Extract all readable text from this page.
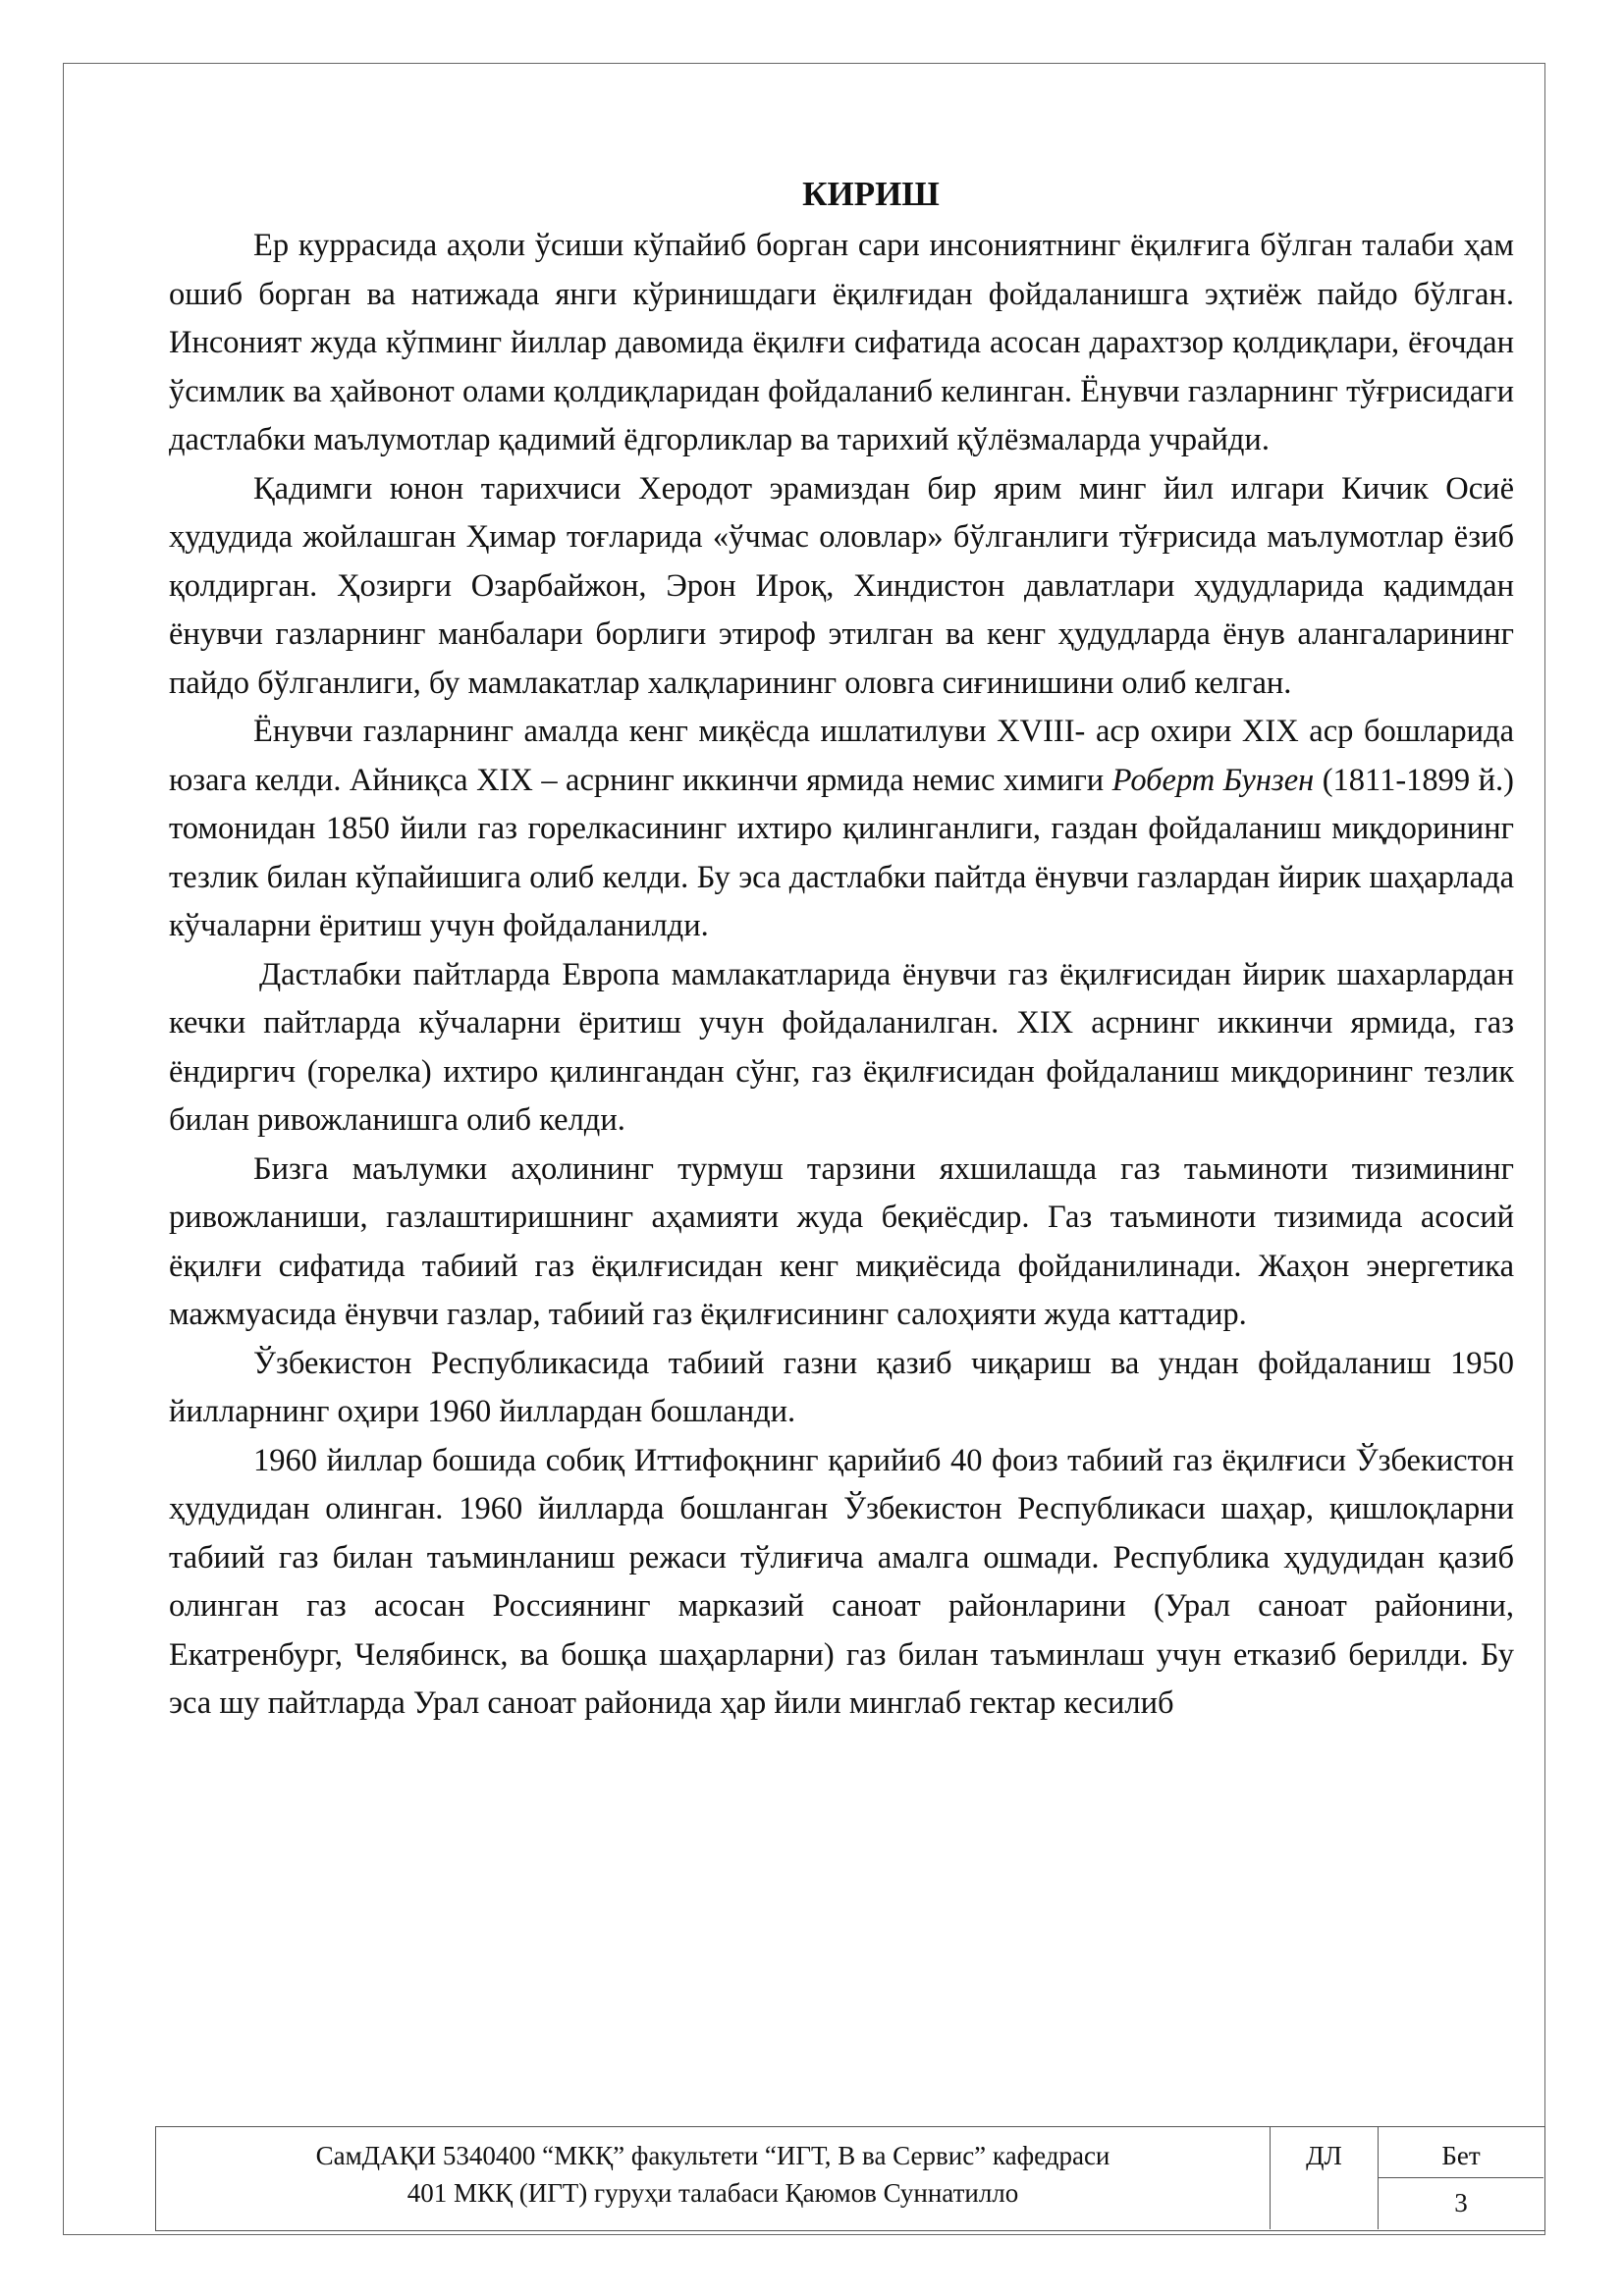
КИРИШ

Ер куррасида аҳоли ўсиши кўпайиб борган сари инсониятнинг ёқилғига бўлган талаби ҳам ошиб борган ва натижада янги кўринишдаги ёқилғидан фойдаланишга эҳтиёж пайдо бўлган. Инсоният жуда кўпминг йиллар давомида ёқилғи сифатида асосан дарахтзор қолдиқлари, ёғочдан ўсимлик ва ҳайвонот олами қолдиқларидан фойдаланиб келинган. Ёнувчи газларнинг тўғрисидаги дастлабки маълумотлар қадимий ёдгорликлар ва тарихий қўлёзмаларда учрайди.

Қадимги юнон тарихчиси Херодот эрамиздан бир ярим минг йил илгари Кичик Осиё ҳудудида жойлашган Ҳимар тоғларида «ўчмас оловлар» бўлганлиги тўғрисида маълумотлар ёзиб қолдирган. Ҳозирги Озарбайжон, Эрон Ироқ, Хиндистон давлатлари ҳудудларида қадимдан ёнувчи газларнинг манбалари борлиги этироф этилган ва кенг ҳудудларда ёнув алангаларининг пайдо бўлганлиги, бу мамлакатлар халқларининг оловга сиғинишини олиб келган.

Ёнувчи газларнинг амалда кенг миқёсда ишлатилуви XVIII- аср охири XIX аср бошларида юзага келди. Айниқса XIX – асрнинг иккинчи ярмида немис химиги Роберт Бунзен (1811-1899 й.) томонидан 1850 йили газ горелкасининг ихтиро қилинганлиги, газдан фойдаланиш миқдорининг тезлик билан кўпайишига олиб келди. Бу эса дастлабки пайтда ёнувчи газлардан йирик шаҳарлада кўчаларни ёритиш учун фойдаланилди.

Дастлабки пайтларда Европа мамлакатларида ёнувчи газ ёқилғисидан йирик шахарлардан кечки пайтларда кўчаларни ёритиш учун фойдаланилган. XIX асрнинг иккинчи ярмида, газ ёндиргич (горелка) ихтиро қилингандан сўнг, газ ёқилғисидан фойдаланиш миқдорининг тезлик билан ривожланишга олиб келди.

Бизга маълумки аҳолининг турмуш тарзини яхшилашда газ таьминоти тизимининг ривожланиши, газлаштиришнинг аҳамияти жуда беқиёсдир. Газ таъминоти тизимида асосий ёқилғи сифатида табиий газ ёқилғисидан кенг миқиёсида фойданилинади. Жаҳон энергетика мажмуасида ёнувчи газлар, табиий газ ёқилғисининг салоҳияти жуда каттадир.

Ўзбекистон Республикасида табиий газни қазиб чиқариш ва ундан фойдаланиш 1950 йилларнинг оҳири 1960 йиллардан бошланди.

1960 йиллар бошида собиқ Иттифоқнинг қарийиб 40 фоиз табиий газ ёқилғиси Ўзбекистон ҳудудидан олинган. 1960 йилларда бошланган Ўзбекистон Республикаси шаҳар, қишлоқларни табиий газ билан таъминланиш режаси тўлиғича амалга ошмади. Республика ҳудудидан қазиб олинган газ асосан Россиянинг марказий саноат районларини (Урал саноат районини, Екатренбург, Челябинск, ва бошқа шаҳарларни) газ билан таъминлаш учун етказиб берилди. Бу эса шу пайтларда Урал саноат районида ҳар йили минглаб гектар кесилиб

СамДАҚИ 5340400 “МКҚ” факультети “ИГТ, В ва Сервис” кафедраси
401 МКҚ (ИГТ) гуруҳи талабаси Қаюмов Суннатилло
ДЛ	Бет
3
